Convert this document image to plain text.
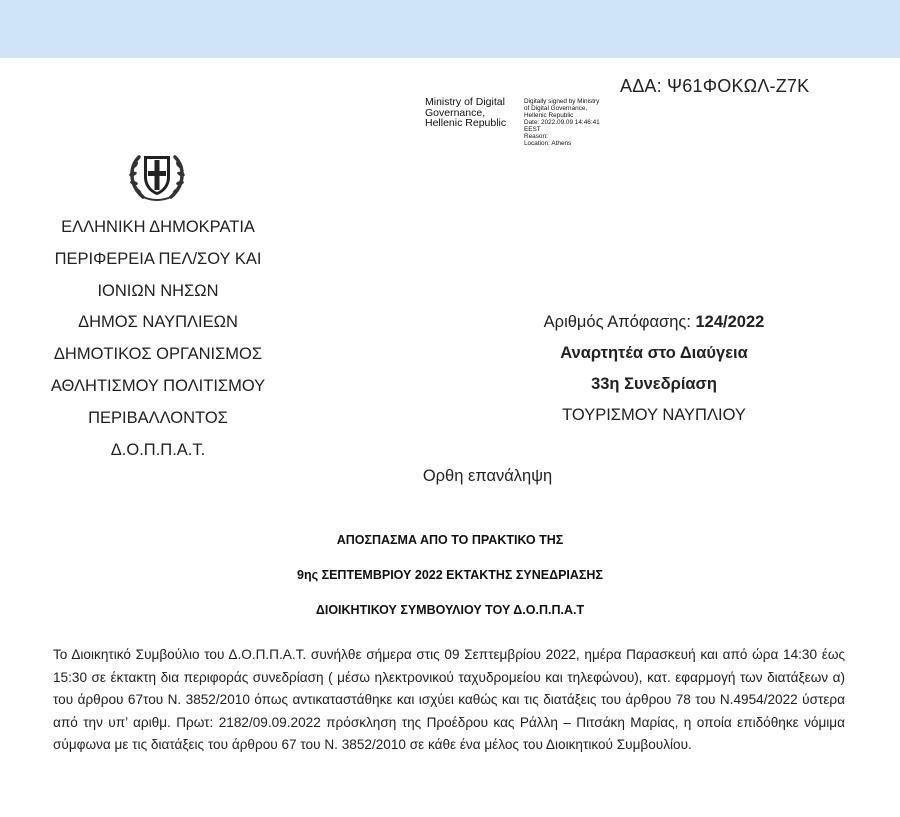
ΑΔΑ: Ψ61ΦΟΚΩΛ-Ζ7Κ
Ministry of Digital
Governance,
Hellenic Republic
Digitally signed by Ministry
of Digital Governance,
Hellenic Republic
Date: 2022.09.09 14:46:41
EEST
Reason:
Location: Athens
ΕΛΛΗΝΙΚΗ ΔΗΜΟΚΡΑΤΙΑ
ΠΕΡΙΦΕΡΕΙΑ ΠΕΛ/ΣΟΥ ΚΑΙ
ΙΟΝΙΩΝ ΝΗΣΩΝ
ΔΗΜΟΣ ΝΑΥΠΛΙΕΩΝ
ΔΗΜΟΤΙΚΟΣ ΟΡΓΑΝΙΣΜΟΣ
ΑΘΛΗΤΙΣΜΟΥ ΠΟΛΙΤΙΣΜΟΥ
ΠΕΡΙΒΑΛΛΟΝΤΟΣ
Δ.Ο.Π.Π.Α.Τ.
Αριθμός Απόφασης: 124/2022
Αναρτητέα στο Διαύγεια
33η Συνεδρίαση
ΤΟΥΡΙΣΜΟΥ ΝΑΥΠΛΙΟΥ
Ορθη επανάληψη
ΑΠΟΣΠΑΣΜΑ ΑΠΟ ΤΟ ΠΡΑΚΤΙΚΟ ΤΗΣ
9ης ΣΕΠΤΕΜΒΡΙΟΥ 2022 ΕΚΤΑΚΤΗΣ ΣΥΝΕΔΡΙΑΣΗΣ
ΔΙΟΙΚΗΤΙΚΟΥ ΣΥΜΒΟΥΛΙΟΥ ΤΟΥ Δ.Ο.Π.Π.Α.Τ
Το Διοικητικό Συμβούλιο του Δ.Ο.Π.Π.Α.Τ. συνήλθε σήμερα στις 09 Σεπτεμβρίου 2022, ημέρα Παρασκευή και από ώρα 14:30 έως 15:30 σε έκτακτη δια περιφοράς συνεδρίαση ( μέσω ηλεκτρονικού ταχυδρομείου και τηλεφώνου), κατ. εφαρμογή των διατάξεων α) του άρθρου 67του Ν. 3852/2010 όπως αντικαταστάθηκε και ισχύει καθώς και τις διατάξεις του άρθρου 78 του Ν.4954/2022 ύστερα από την υπ’ αριθμ. Πρωτ: 2182/09.09.2022 πρόσκληση της Προέδρου κας Ράλλη – Πιτσάκη Μαρίας, η οποία επιδόθηκε νόμιμα σύμφωνα με τις διατάξεις του άρθρου 67 του Ν. 3852/2010 σε κάθε ένα μέλος του Διοικητικού Συμβουλίου.
